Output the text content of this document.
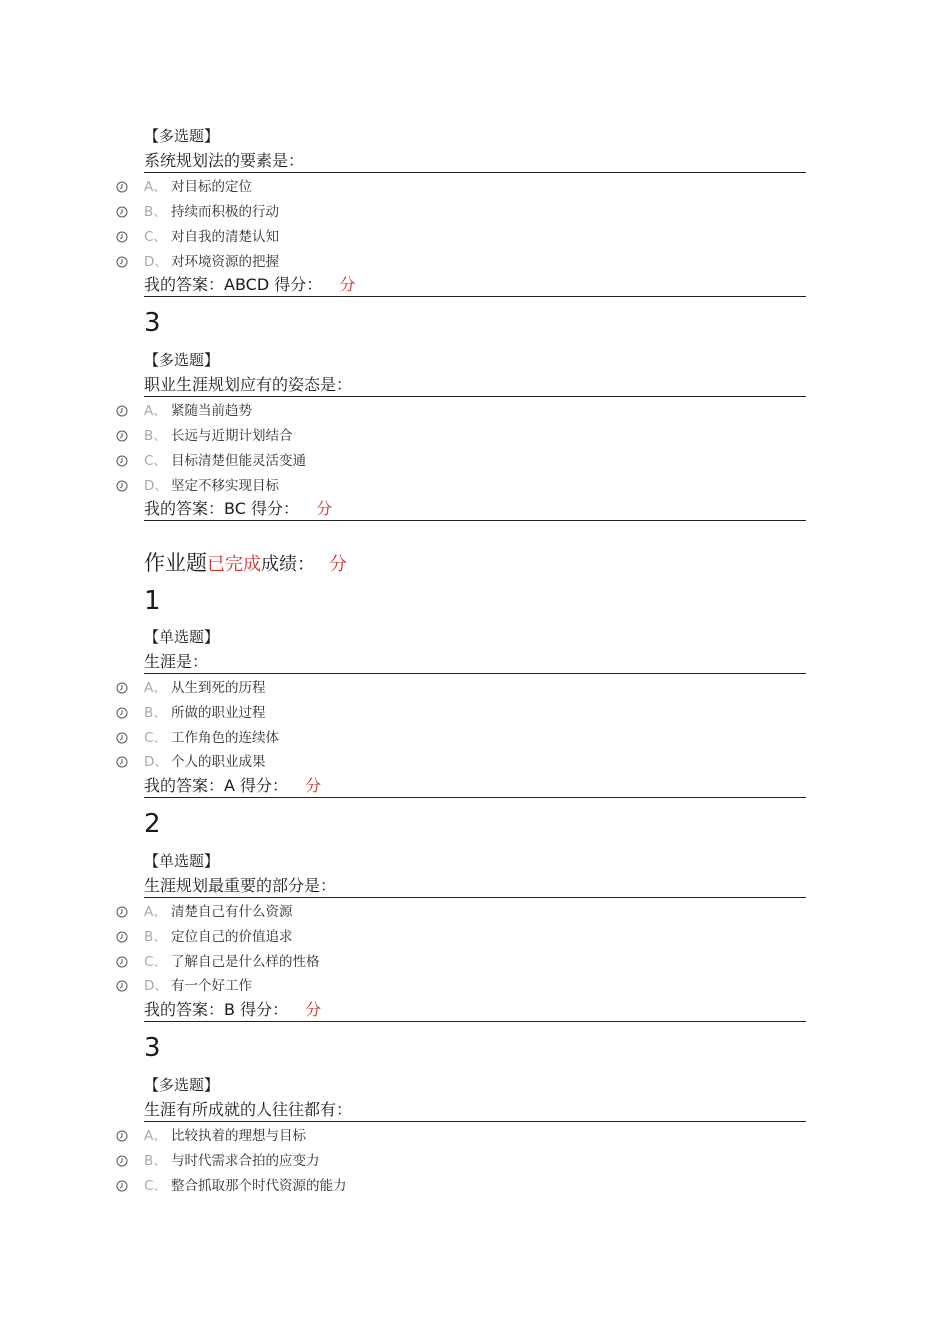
【多选题】
系统规划法的要素是：
A、 对目标的定位
B、 持续而积极的行动
C、 对自我的清楚认知
D、 对环境资源的把握
我的答案：ABCD 得分： 分
3
【多选题】
职业生涯规划应有的姿态是：
A、 紧随当前趋势
B、 长远与近期计划结合
C、 目标清楚但能灵活变通
D、 坚定不移实现目标
我的答案：BC 得分： 分
作业题已完成成绩： 分
1
【单选题】
生涯是：
A、 从生到死的历程
B、 所做的职业过程
C、 工作角色的连续体
D、 个人的职业成果
我的答案：A 得分： 分
2
【单选题】
生涯规划最重要的部分是：
A、 清楚自己有什么资源
B、 定位自己的价值追求
C、 了解自己是什么样的性格
D、 有一个好工作
我的答案：B 得分： 分
3
【多选题】
生涯有所成就的人往往都有：
A、 比较执着的理想与目标
B、 与时代需求合拍的应变力
C、 整合抓取那个时代资源的能力
